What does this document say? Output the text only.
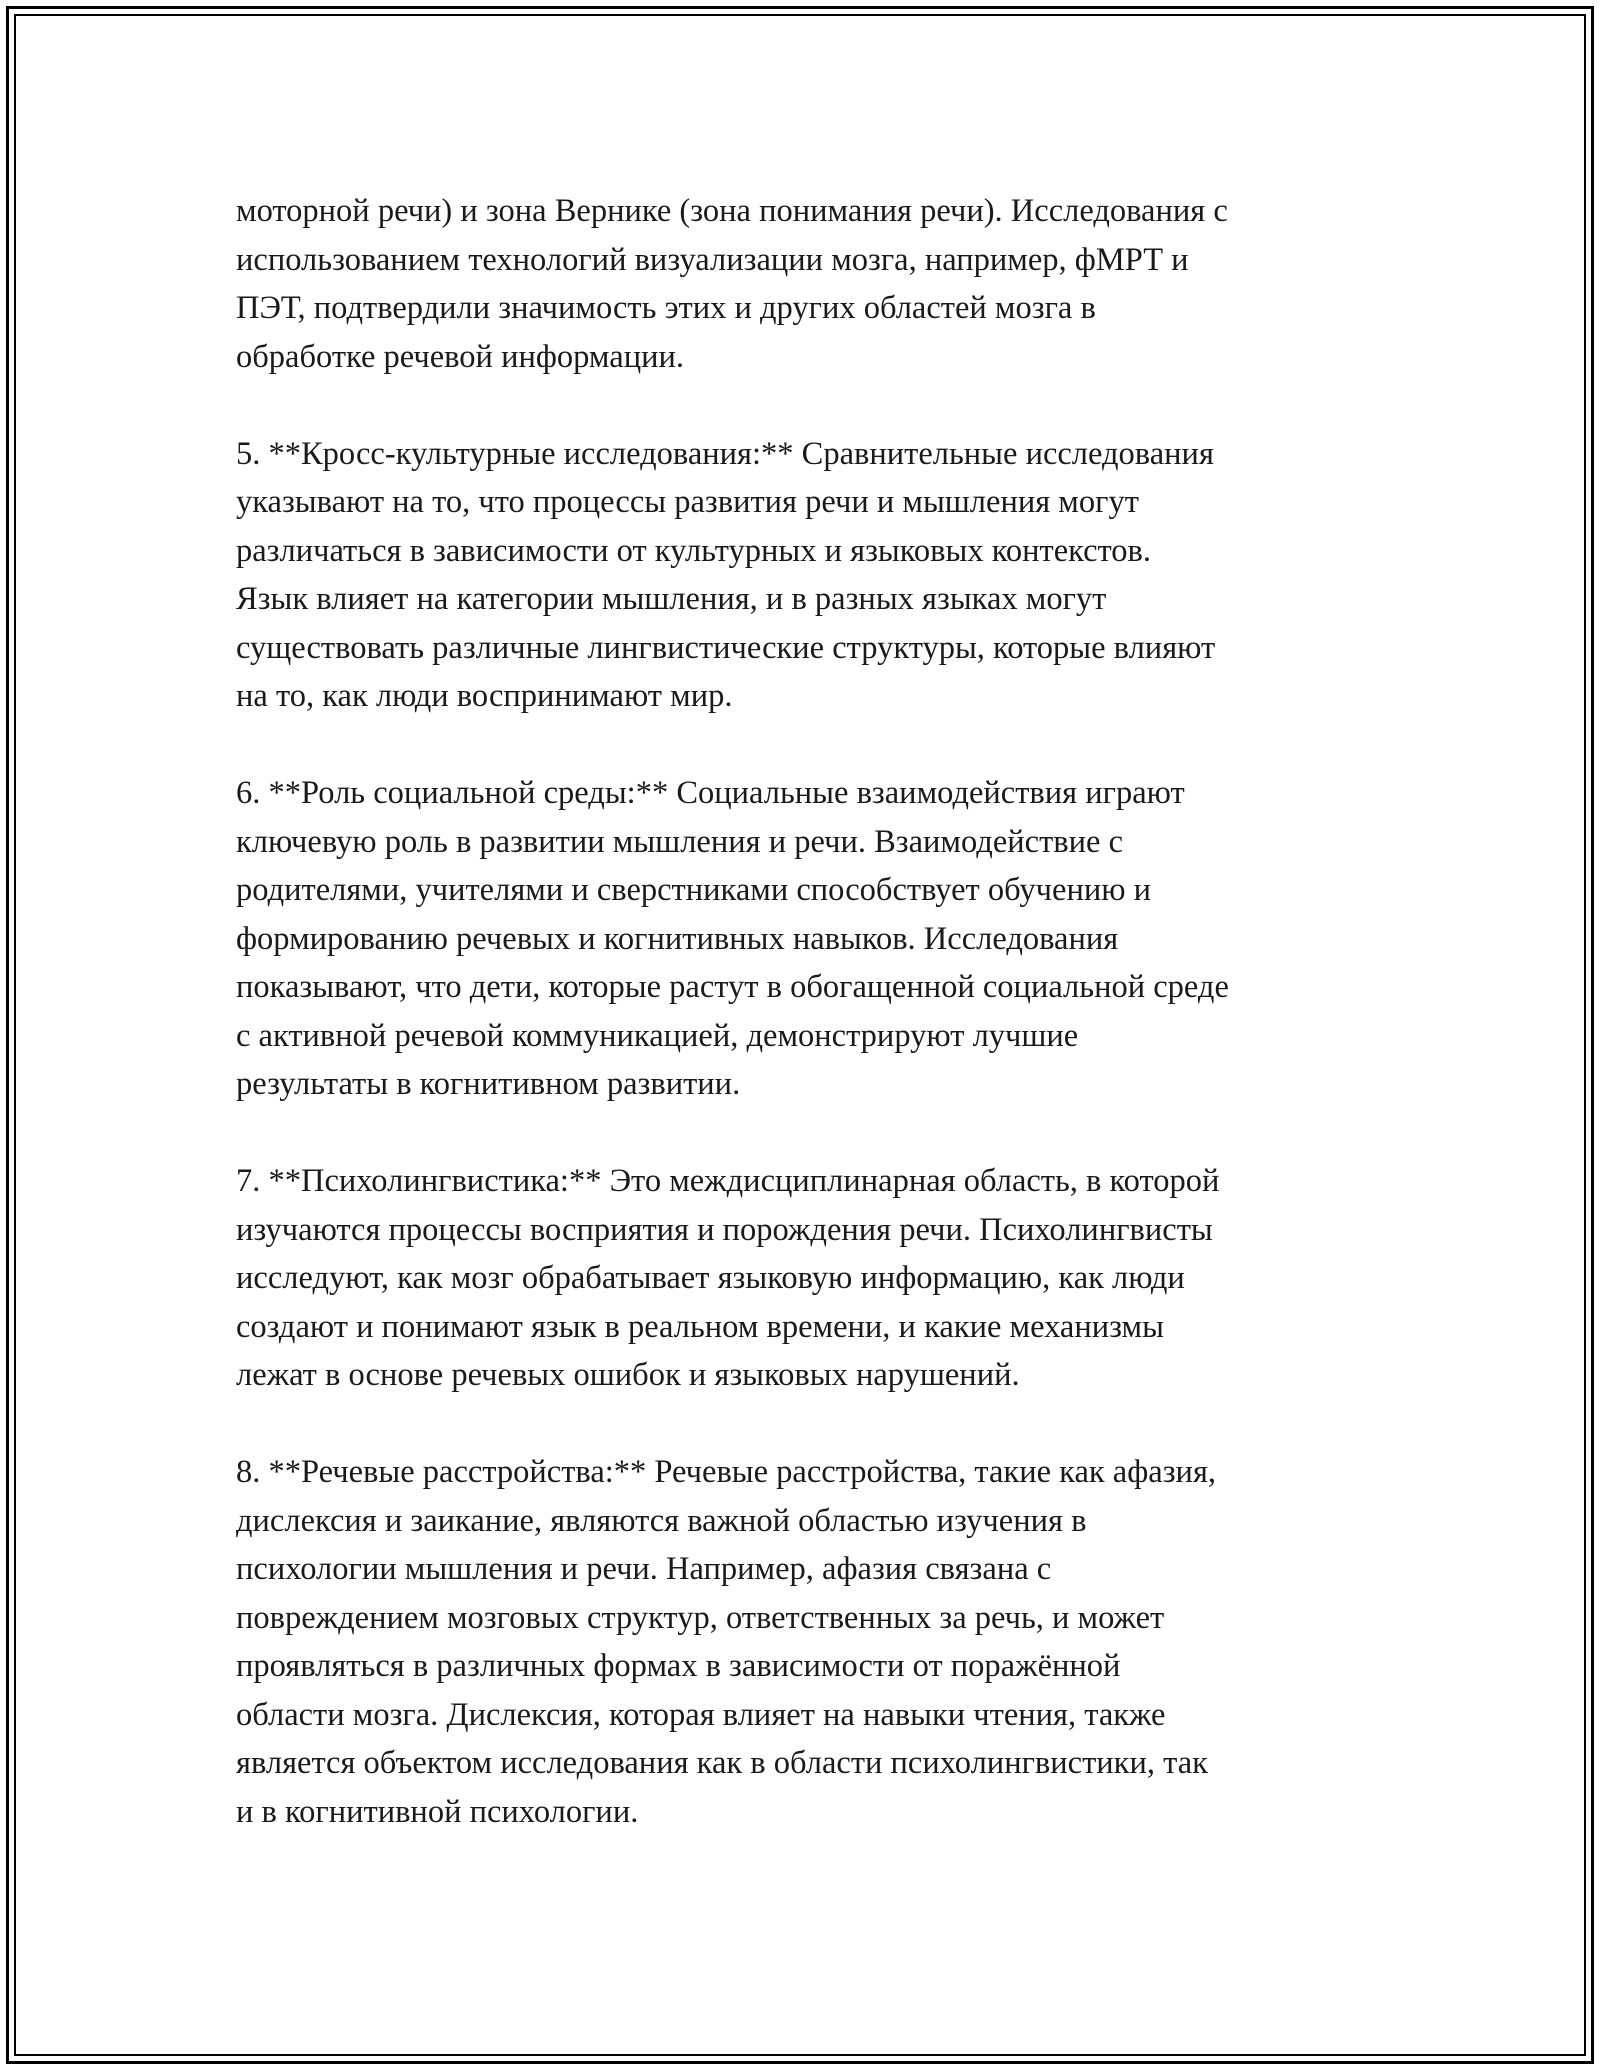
моторной речи) и зона Вернике (зона понимания речи). Исследования с
использованием технологий визуализации мозга, например, фМРТ и
ПЭТ, подтвердили значимость этих и других областей мозга в
обработке речевой информации.
5. **Кросс-культурные исследования:** Сравнительные исследования
указывают на то, что процессы развития речи и мышления могут
различаться в зависимости от культурных и языковых контекстов.
Язык влияет на категории мышления, и в разных языках могут
существовать различные лингвистические структуры, которые влияют
на то, как люди воспринимают мир.
6. **Роль социальной среды:** Социальные взаимодействия играют
ключевую роль в развитии мышления и речи. Взаимодействие с
родителями, учителями и сверстниками способствует обучению и
формированию речевых и когнитивных навыков. Исследования
показывают, что дети, которые растут в обогащенной социальной среде
с активной речевой коммуникацией, демонстрируют лучшие
результаты в когнитивном развитии.
7. **Психолингвистика:** Это междисциплинарная область, в которой
изучаются процессы восприятия и порождения речи. Психолингвисты
исследуют, как мозг обрабатывает языковую информацию, как люди
создают и понимают язык в реальном времени, и какие механизмы
лежат в основе речевых ошибок и языковых нарушений.
8. **Речевые расстройства:** Речевые расстройства, такие как афазия,
дислексия и заикание, являются важной областью изучения в
психологии мышления и речи. Например, афазия связана с
повреждением мозговых структур, ответственных за речь, и может
проявляться в различных формах в зависимости от поражённой
области мозга. Дислексия, которая влияет на навыки чтения, также
является объектом исследования как в области психолингвистики, так
и в когнитивной психологии.
